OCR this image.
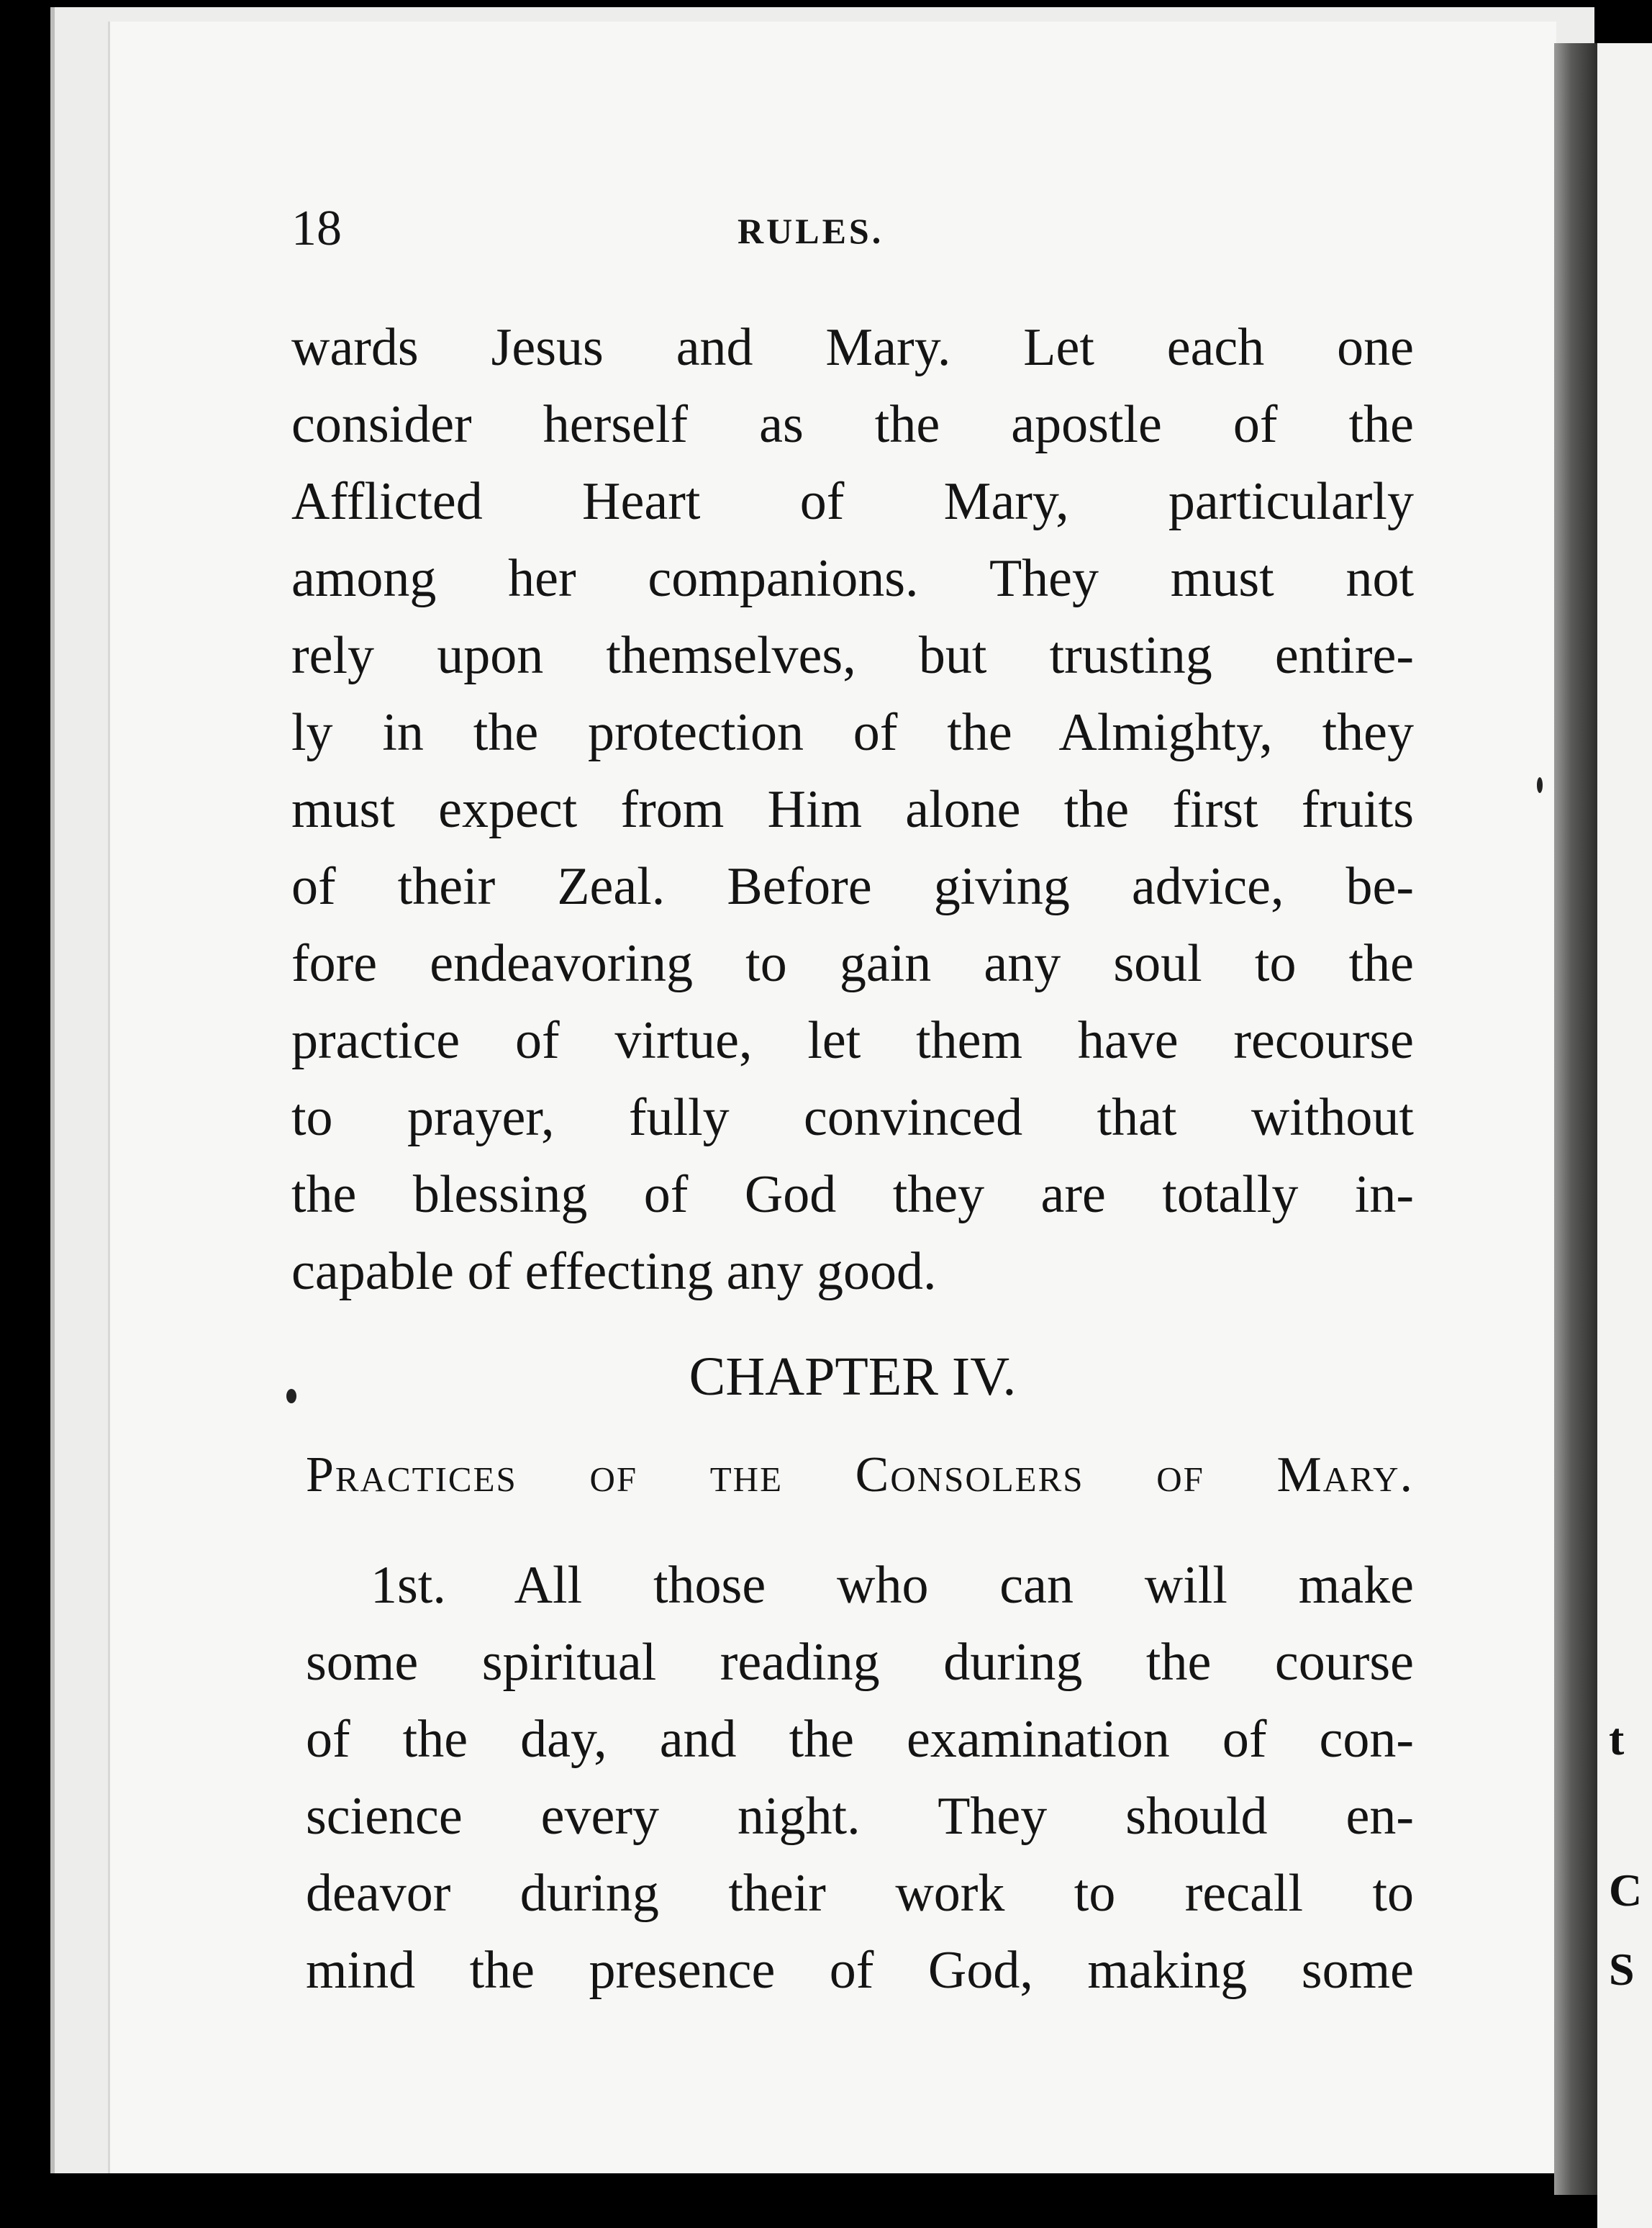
t
C
S
18	RULES.
wards Jesus and Mary. Let each one
consider herself as the apostle of the
Afflicted Heart of Mary, particularly
among her companions. They must not
rely upon themselves, but trusting entire-
ly in the protection of the Almighty, they
must expect from Him alone the first fruits
of their Zeal. Before giving advice, be-
fore endeavoring to gain any soul to the
practice of virtue, let them have recourse
to prayer, fully convinced that without
the blessing of God they are totally in-
capable of effecting any good.
CHAPTER IV.
Practices of the Consolers of Mary.
1st. All those who can will make
some spiritual reading during the course
of the day, and the examination of con-
science every night. They should en-
deavor during their work to recall to
mind the presence of God, making some
